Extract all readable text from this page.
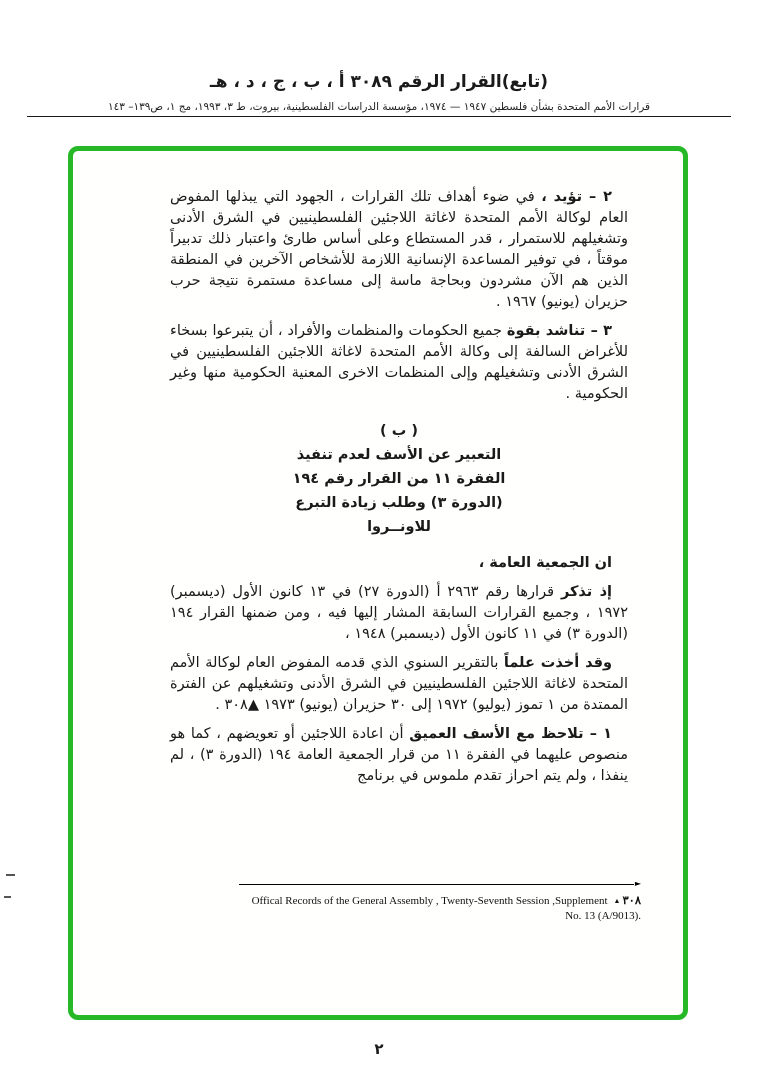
(تابع)القرار الرقم ٣٠٨٩ أ ، ب ، ج ، د ، هـ
قرارات الأمم المتحدة بشأن فلسطين ١٩٤٧ — ١٩٧٤، مؤسسة الدراسات الفلسطينية، بيروت، ط ٣، ١٩٩٣، مج ١، ص١٣٩– ١٤٣

٢ – تؤيد ، في ضوء أهداف تلك القرارات ، الجهود التي يبذلها المفوض العام لوكالة الأمم المتحدة لاغاثة اللاجئين الفلسطينيين في الشرق الأدنى وتشغيلهم للاستمرار ، قدر المستطاع وعلى أساس طارئ واعتبار ذلك تدبيراً موقتاً ، في توفير المساعدة الإنسانية اللازمة للأشخاص الآخرين في المنطقة الذين هم الآن مشردون وبحاجة ماسة إلى مساعدة مستمرة نتيجة حرب حزيران (يونيو) ١٩٦٧ .

٣ – تناشد بقوة جميع الحكومات والمنظمات والأفراد ، أن يتبرعوا بسخاء للأغراض السالفة إلى وكالة الأمم المتحدة لاغاثة اللاجئين الفلسطينيين في الشرق الأدنى وتشغيلهم وإلى المنظمات الاخرى المعنية الحكومية منها وغير الحكومية .

( ب )
التعبير عن الأسف لعدم تنفيذ
الفقرة ١١ من القرار رقم ١٩٤
(الدورة ٣) وطلب زيادة التبرع
للاونــروا

ان الجمعية العامة ،

إذ تذكر قرارها رقم ٢٩٦٣ أ (الدورة ٢٧) في ١٣ كانون الأول (ديسمبر) ١٩٧٢ ، وجميع القرارات السابقة المشار إليها فيه ، ومن ضمنها القرار ١٩٤ (الدورة ٣) في ١١ كانون الأول (ديسمبر) ١٩٤٨ ،

وقد أخذت علماً بالتقرير السنوي الذي قدمه المفوض العام لوكالة الأمم المتحدة لاغاثة اللاجئين الفلسطينيين في الشرق الأدنى وتشغيلهم عن الفترة الممتدة من ١ تموز (يوليو) ١٩٧٢ إلى ٣٠ حزيران (يونيو) ١٩٧٣ ▲٣٠٨ .

١ – تلاحظ مع الأسف العميق أن اعادة اللاجئين أو تعويضهم ، كما هو منصوص عليهما في الفقرة ١١ من قرار الجمعية العامة ١٩٤ (الدورة ٣) ، لم ينفذا ، ولم يتم احراز تقدم ملموس في برنامج

►
Offical Records of the General Assembly , Twenty-Seventh Session ,Supplement ▲ ٣٠٨
No. 13 (A/9013).
٢
